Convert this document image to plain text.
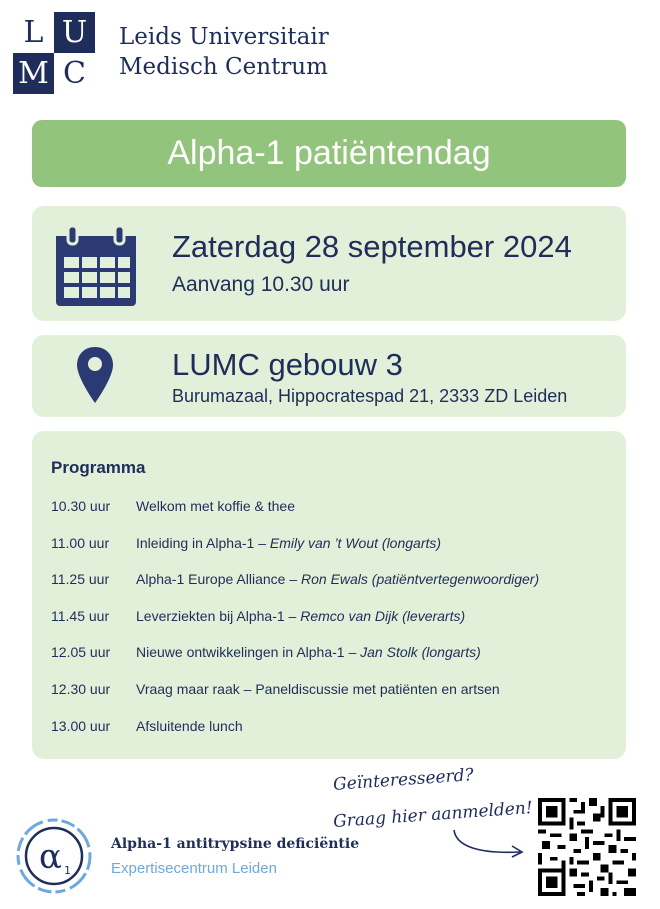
L U
M C
Leids Universitair
Medisch Centrum
Alpha-1 patiëntendag
Zaterdag 28 september 2024
Aanvang 10.30 uur
LUMC gebouw 3
Burumazaal, Hippocratespad 21, 2333 ZD Leiden
Programma
10.30 uur	Welkom met koffie & thee
11.00 uur	Inleiding in Alpha-1 – Emily van ’t Wout (longarts)
11.25 uur	Alpha-1 Europe Alliance – Ron Ewals (patiëntvertegenwoordiger)
11.45 uur	Leverziekten bij Alpha-1 – Remco van Dijk (leverarts)
12.05 uur	Nieuwe ontwikkelingen in Alpha-1 – Jan Stolk (longarts)
12.30 uur	Vraag maar raak – Paneldiscussie met patiënten en artsen
13.00 uur	Afsluitende lunch
α 1
Alpha-1 antitrypsine deficiëntie
Expertisecentrum Leiden
Geïnteresseerd?
Graag hier aanmelden!
